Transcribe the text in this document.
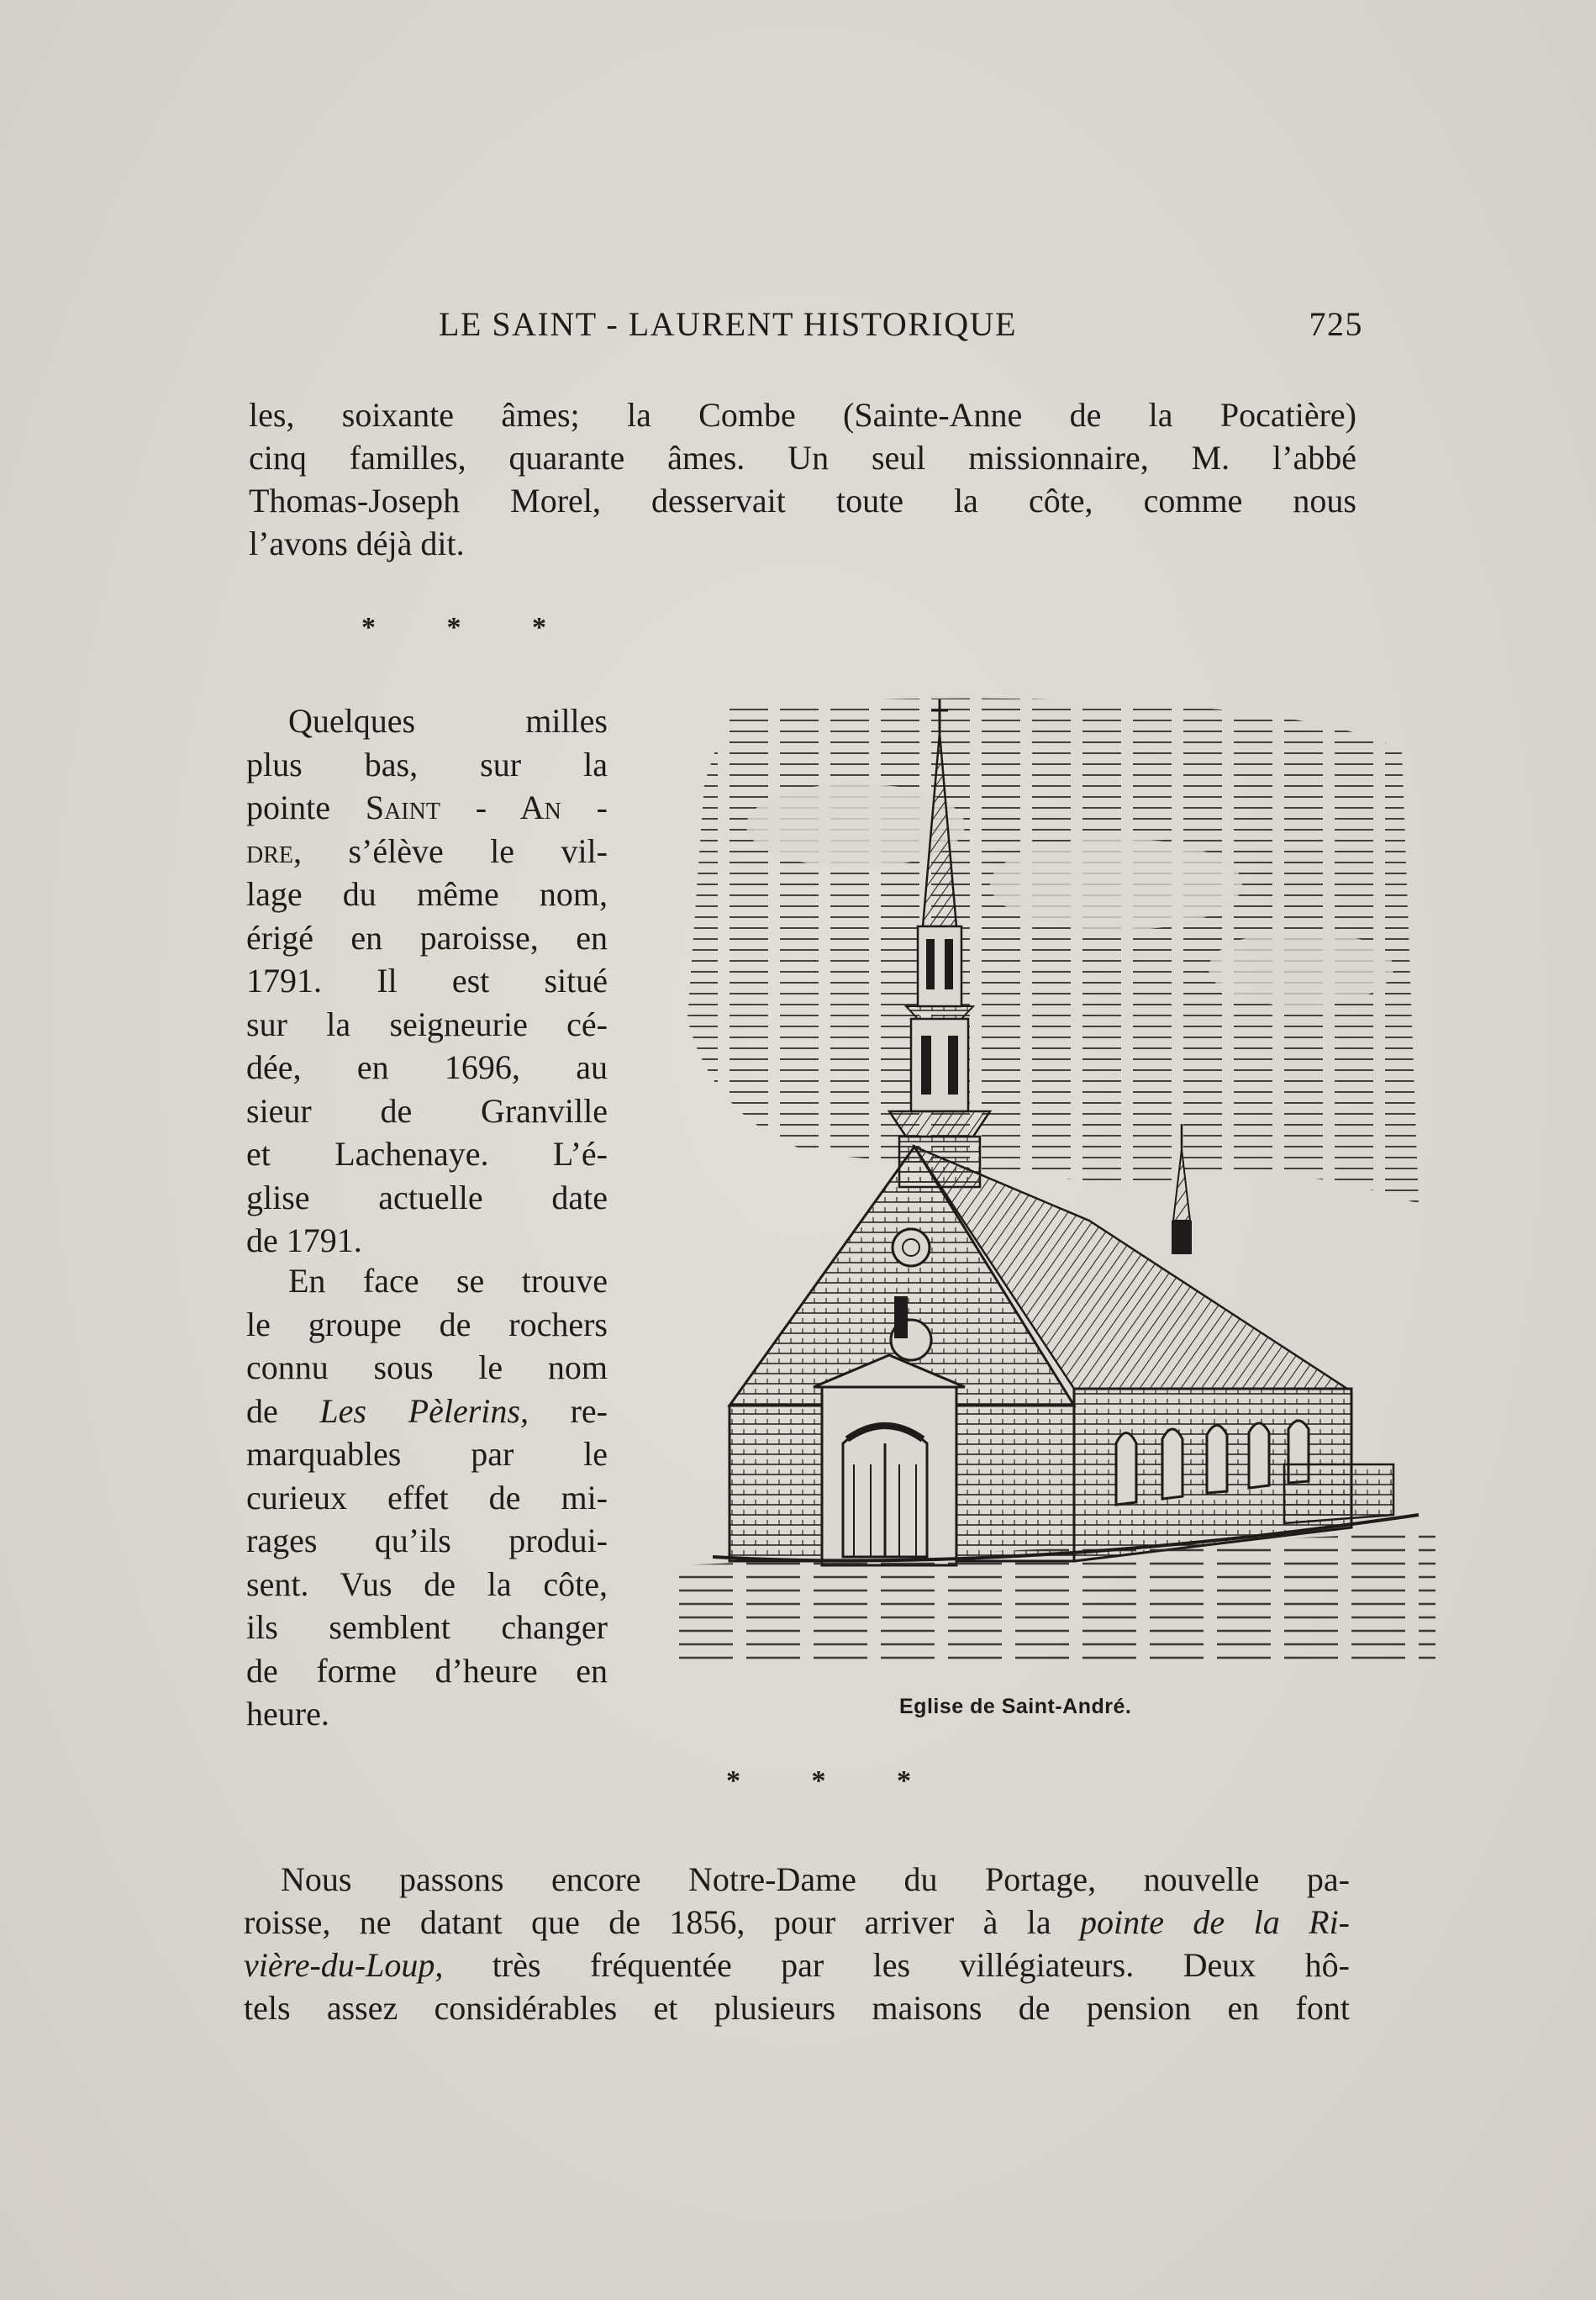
LE SAINT - LAURENT HISTORIQUE	725
les, soixante âmes; la Combe (Sainte-Anne de la Pocatière)
cinq familles, quarante âmes. Un seul missionnaire, M. l’abbé
Thomas-Joseph Morel, desservait toute la côte, comme nous
l’avons déjà dit.
* * *
Quelques milles
plus bas, sur la
pointe Saint - An -
dre, s’élève le vil-
lage du même nom,
érigé en paroisse, en
1791. Il est situé
sur la seigneurie cé-
dée, en 1696, au
sieur de Granville
et Lachenaye. L’é-
glise actuelle date
de 1791.
En face se trouve
le groupe de rochers
connu sous le nom
de Les Pèlerins, re-
marquables par le
curieux effet de mi-
rages qu’ils produi-
sent. Vus de la côte,
ils semblent changer
de forme d’heure en
heure.	Eglise de Saint-André.
* * *
Nous passons encore Notre-Dame du Portage, nouvelle pa-
roisse, ne datant que de 1856, pour arriver à la pointe de la Ri-
vière-du-Loup, très fréquentée par les villégiateurs. Deux hô-
tels assez considérables et plusieurs maisons de pension en font
